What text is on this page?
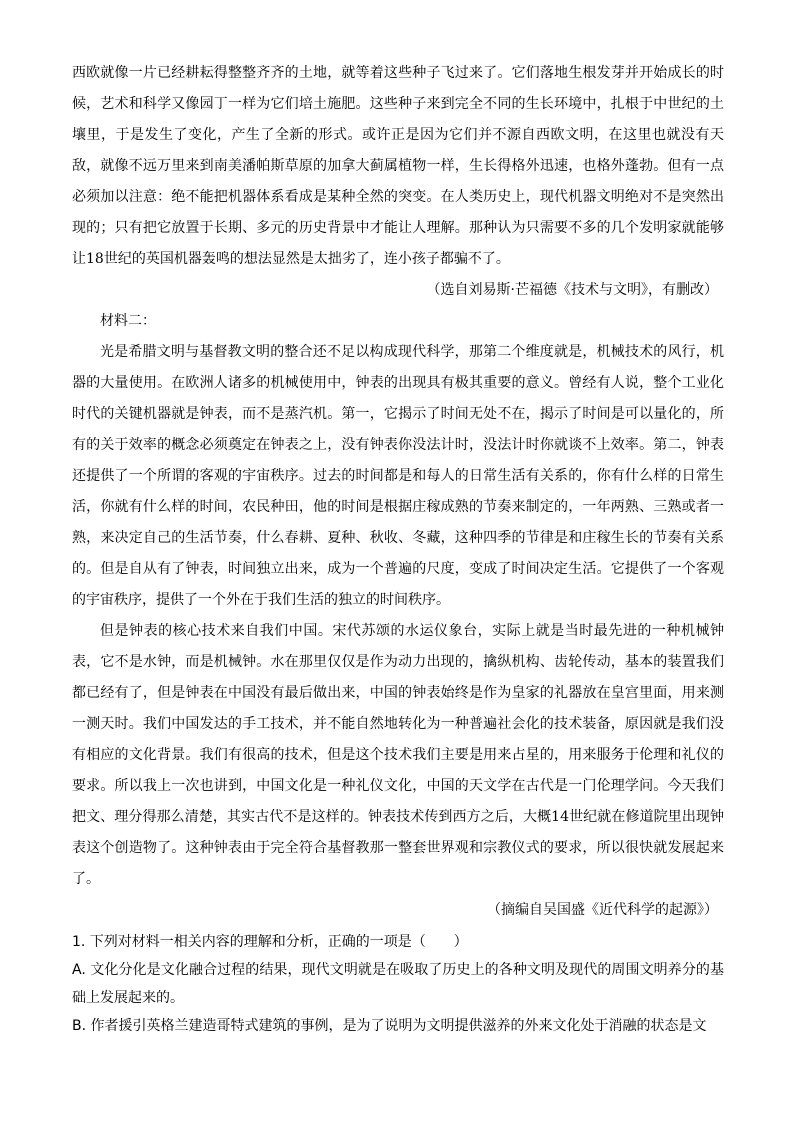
西欧就像一片已经耕耘得整整齐齐的土地，就等着这些种子飞过来了。它们落地生根发芽并开始成长的时候，艺术和科学又像园丁一样为它们培土施肥。这些种子来到完全不同的生长环境中，扎根于中世纪的土壤里，于是发生了变化，产生了全新的形式。或许正是因为它们并不源自西欧文明，在这里也就没有天敌，就像不远万里来到南美潘帕斯草原的加拿大蓟属植物一样，生长得格外迅速，也格外蓬勃。但有一点必须加以注意：绝不能把机器体系看成是某种全然的突变。在人类历史上，现代机器文明绝对不是突然出现的；只有把它放置于长期、多元的历史背景中才能让人理解。那种认为只需要不多的几个发明家就能够让18世纪的英国机器轰鸣的想法显然是太拙劣了，连小孩子都骗不了。

（选自刘易斯·芒福德《技术与文明》，有删改）

材料二：

光是希腊文明与基督教文明的整合还不足以构成现代科学，那第二个维度就是，机械技术的风行，机器的大量使用。在欧洲人诸多的机械使用中，钟表的出现具有极其重要的意义。曾经有人说，整个工业化时代的关键机器就是钟表，而不是蒸汽机。第一，它揭示了时间无处不在，揭示了时间是可以量化的，所有的关于效率的概念必须奠定在钟表之上，没有钟表你没法计时，没法计时你就谈不上效率。第二，钟表还提供了一个所谓的客观的宇宙秩序。过去的时间都是和每人的日常生活有关系的，你有什么样的日常生活，你就有什么样的时间，农民种田，他的时间是根据庄稼成熟的节奏来制定的，一年两熟、三熟或者一熟，来决定自己的生活节奏，什么春耕、夏种、秋收、冬藏，这种四季的节律是和庄稼生长的节奏有关系的。但是自从有了钟表，时间独立出来，成为一个普遍的尺度，变成了时间决定生活。它提供了一个客观的宇宙秩序，提供了一个外在于我们生活的独立的时间秩序。

但是钟表的核心技术来自我们中国。宋代苏颂的水运仪象台，实际上就是当时最先进的一种机械钟表，它不是水钟，而是机械钟。水在那里仅仅是作为动力出现的，擒纵机构、齿轮传动，基本的装置我们都已经有了，但是钟表在中国没有最后做出来，中国的钟表始终是作为皇家的礼器放在皇宫里面，用来测一测天时。我们中国发达的手工技术，并不能自然地转化为一种普遍社会化的技术装备，原因就是我们没有相应的文化背景。我们有很高的技术，但是这个技术我们主要是用来占星的，用来服务于伦理和礼仪的要求。所以我上一次也讲到，中国文化是一种礼仪文化，中国的天文学在古代是一门伦理学问。今天我们把文、理分得那么清楚，其实古代不是这样的。钟表技术传到西方之后，大概14世纪就在修道院里出现钟表这个创造物了。这种钟表由于完全符合基督教那一整套世界观和宗教仪式的要求，所以很快就发展起来了。

（摘编自吴国盛《近代科学的起源》）

1. 下列对材料一相关内容的理解和分析，正确的一项是（　　）

A. 文化分化是文化融合过程的结果，现代文明就是在吸取了历史上的各种文明及现代的周围文明养分的基础上发展起来的。

B. 作者援引英格兰建造哥特式建筑的事例，是为了说明为文明提供滋养的外来文化处于消融的状态是文
